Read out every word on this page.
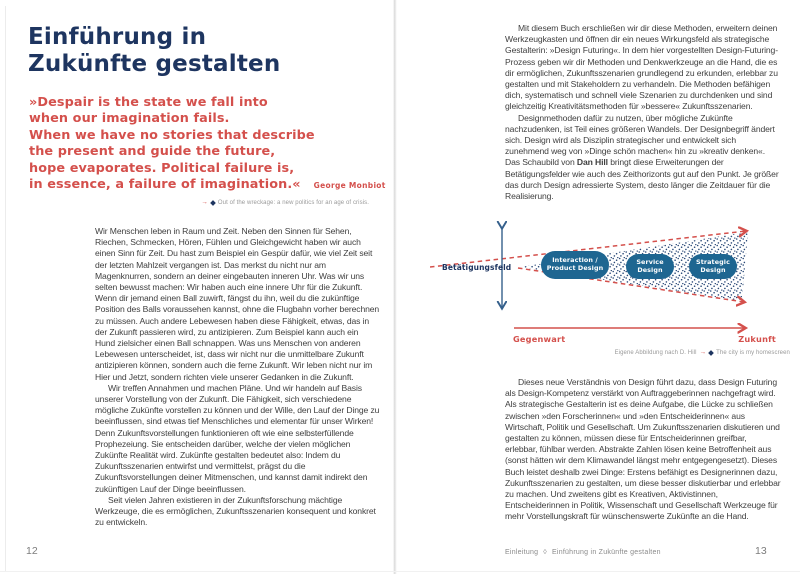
Einführung in
Zukünfte gestalten
»Despair is the state we fall into
when our imagination fails.
When we have no stories that describe
the present and guide the future,
hope evaporates. Political failure is,
in essence, a failure of imagination.« George Monbiot
→ Out of the wreckage: a new politics for an age of crisis.

Wir Menschen leben in Raum und Zeit. Neben den Sinnen für Sehen, Riechen, Schmecken, Hören, Fühlen und Gleichgewicht haben wir auch einen Sinn für Zeit. Du hast zum Beispiel ein Gespür dafür, wie viel Zeit seit der letzten Mahlzeit vergangen ist. Das merkst du nicht nur am Magenknurren, sondern an deiner eingebauten inneren Uhr. Was wir uns selten bewusst machen: Wir haben auch eine innere Uhr für die Zukunft. Wenn dir jemand einen Ball zuwirft, fängst du ihn, weil du die zukünftige Position des Balls voraussehen kannst, ohne die Flugbahn vorher berechnen zu müssen. Auch andere Lebewesen haben diese Fähigkeit, etwas, das in der Zukunft passieren wird, zu antizipieren. Zum Beispiel kann auch ein Hund zielsicher einen Ball schnappen. Was uns Menschen von anderen Lebewesen unterscheidet, ist, dass wir nicht nur die unmittelbare Zukunft antizipieren können, sondern auch die ferne Zukunft. Wir leben nicht nur im Hier und Jetzt, sondern richten viele unserer Gedanken in die Zukunft.

Wir treffen Annahmen und machen Pläne. Und wir handeln auf Basis unserer Vorstellung von der Zukunft. Die Fähigkeit, sich verschiedene mögliche Zukünfte vorstellen zu können und der Wille, den Lauf der Dinge zu beeinflussen, sind etwas tief Menschliches und elementar für unser Wirken! Denn Zukunftsvorstellungen funktionieren oft wie eine selbsterfüllende Prophezeiung. Sie entscheiden darüber, welche der vielen möglichen Zukünfte Realität wird. Zukünfte gestalten bedeutet also: Indem du Zukunftsszenarien entwirfst und vermittelst, prägst du die Zukunftsvorstellungen deiner Mitmenschen, und kannst damit indirekt den zukünftigen Lauf der Dinge beeinflussen.

Seit vielen Jahren existieren in der Zukunftsforschung mächtige Werkzeuge, die es ermöglichen, Zukunftsszenarien konsequent und konkret zu entwickeln.

12

Mit diesem Buch erschließen wir dir diese Methoden, erweitern deinen Werkzeugkasten und öffnen dir ein neues Wirkungsfeld als strategische Gestalterin: »Design Futuring«. In dem hier vorgestellten Design-Futuring-Prozess geben wir dir Methoden und Denkwerkzeuge an die Hand, die es dir ermöglichen, Zukunftsszenarien grundlegend zu erkunden, erlebbar zu gestalten und mit Stakeholdern zu verhandeln. Die Methoden befähigen dich, systematisch und schnell viele Szenarien zu durchdenken und sind gleichzeitig Kreativitätsmethoden für »bessere« Zukunftsszenarien.

Designmethoden dafür zu nutzen, über mögliche Zukünfte nachzudenken, ist Teil eines größeren Wandels. Der Designbegriff ändert sich. Design wird als Disziplin strategischer und entwickelt sich zunehmend weg von »Dinge schön machen« hin zu »kreativ denken«. Das Schaubild von Dan Hill bringt diese Erweiterungen der Betätigungsfelder wie auch des Zeithorizonts gut auf den Punkt. Je größer das durch Design adressierte System, desto länger die Zeitdauer für die Realisierung.

Betätigungsfeld
Interaction /
Product Design
Service
Design
Strategic
Design
Gegenwart	Zukunft
Eigene Abbildung nach D. Hill → The city is my homescreen

Dieses neue Verständnis von Design führt dazu, dass Design Futuring als Design-Kompetenz verstärkt von Auftraggeberinnen nachgefragt wird. Als strategische Gestalterin ist es deine Aufgabe, die Lücke zu schließen zwischen »den Forscherinnen« und »den Entscheiderinnen« aus Wirtschaft, Politik und Gesellschaft. Um Zukunftsszenarien diskutieren und gestalten zu können, müssen diese für Entscheiderinnen greifbar, erlebbar, fühlbar werden. Abstrakte Zahlen lösen keine Betroffenheit aus (sonst hätten wir dem Klimawandel längst mehr entgegengesetzt). Dieses Buch leistet deshalb zwei Dinge: Erstens befähigt es Designerinnen dazu, Zukunftsszenarien zu gestalten, um diese besser diskutierbar und erlebbar zu machen. Und zweitens gibt es Kreativen, Aktivistinnen, Entscheiderinnen in Politik, Wissenschaft und Gesellschaft Werkzeuge für mehr Vorstellungskraft für wünschenswerte Zukünfte an die Hand.

Einleitung ◊ Einführung in Zukünfte gestalten	13
